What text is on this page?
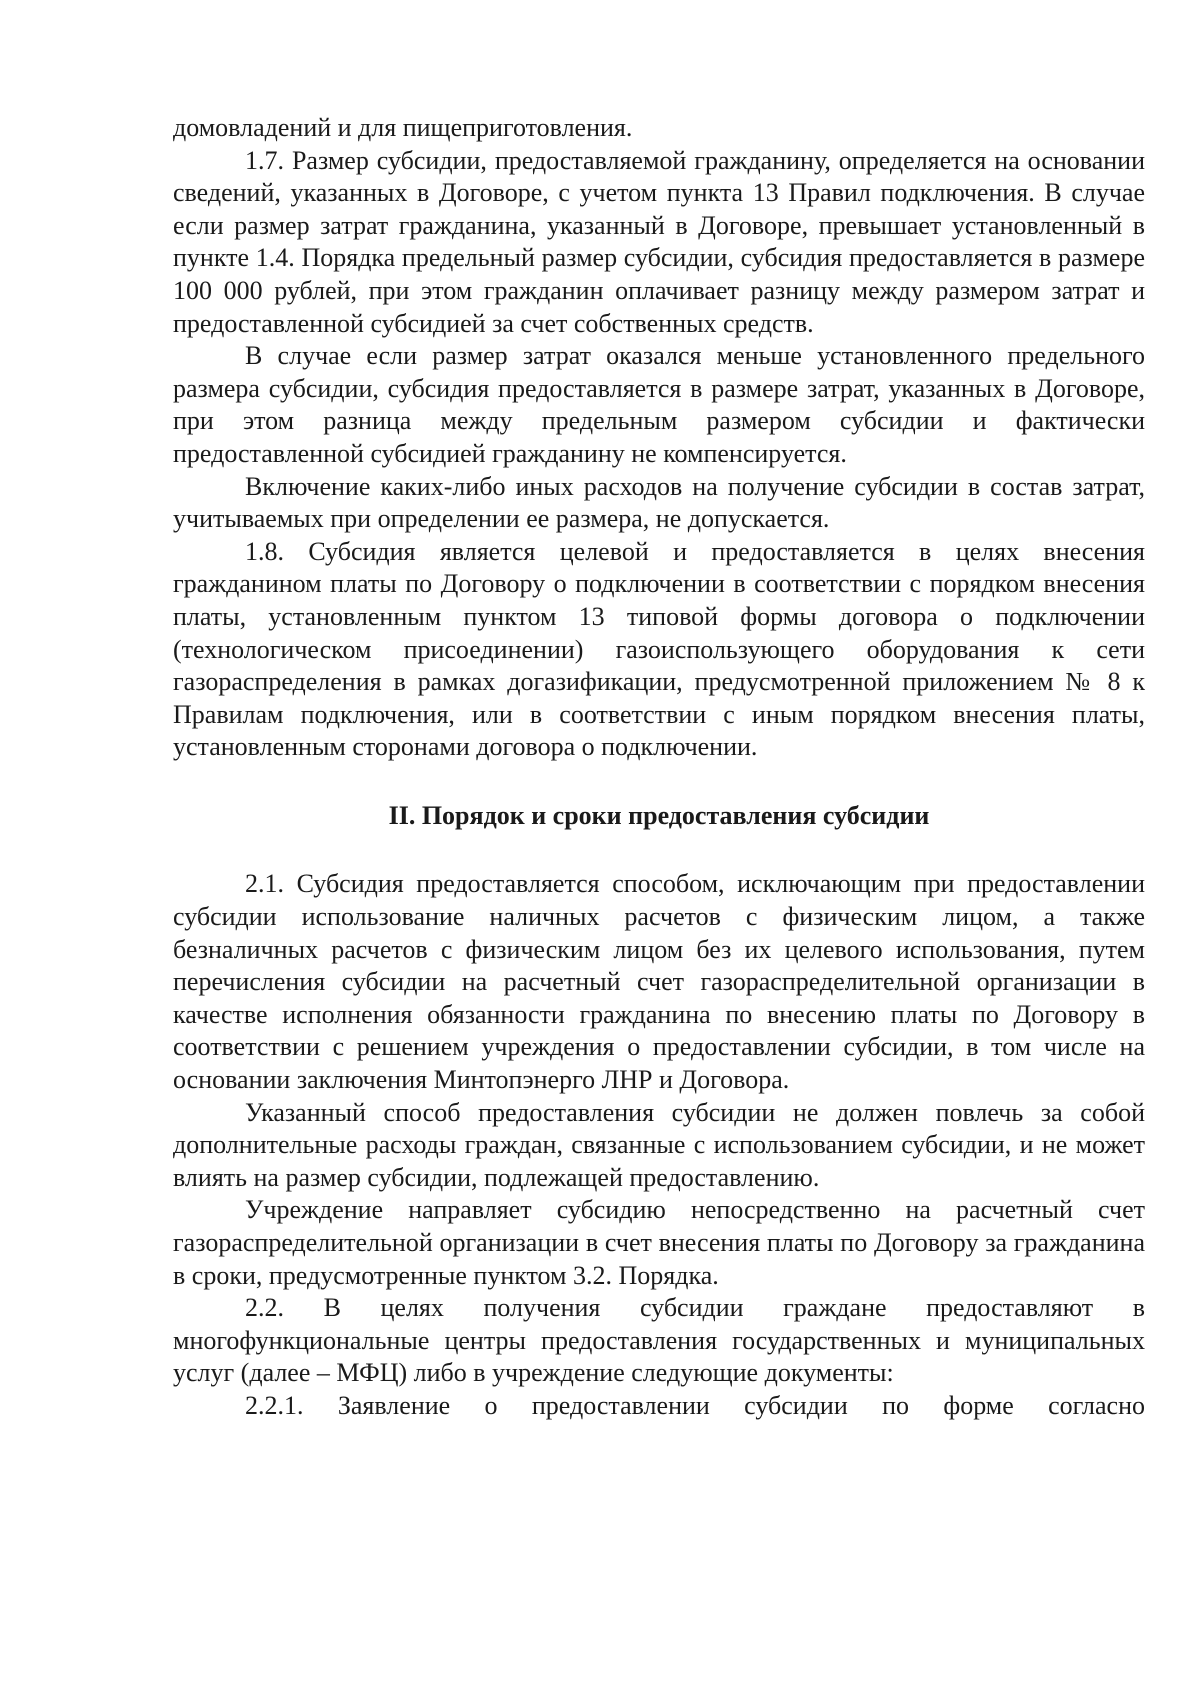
домовладений и для пищеприготовления.

1.7. Размер субсидии, предоставляемой гражданину, определяется на основании сведений, указанных в Договоре, с учетом пункта 13 Правил подключения. В случае если размер затрат гражданина, указанный в Договоре, превышает установленный в пункте 1.4. Порядка предельный размер субсидии, субсидия предоставляется в размере 100 000 рублей, при этом гражданин оплачивает разницу между размером затрат и предоставленной субсидией за счет собственных средств.

В случае если размер затрат оказался меньше установленного предельного размера субсидии, субсидия предоставляется в размере затрат, указанных в Договоре, при этом разница между предельным размером субсидии и фактически предоставленной субсидией гражданину не компенсируется.

Включение каких-либо иных расходов на получение субсидии в состав затрат, учитываемых при определении ее размера, не допускается.

1.8. Субсидия является целевой и предоставляется в целях внесения гражданином платы по Договору о подключении в соответствии с порядком внесения платы, установленным пунктом 13 типовой формы договора о подключении (технологическом присоединении) газоиспользующего оборудования к сети газораспределения в рамках догазификации, предусмотренной приложением № 8 к Правилам подключения, или в соответствии с иным порядком внесения платы, установленным сторонами договора о подключении.

II. Порядок и сроки предоставления субсидии

2.1. Субсидия предоставляется способом, исключающим при предоставлении субсидии использование наличных расчетов с физическим лицом, а также безналичных расчетов с физическим лицом без их целевого использования, путем перечисления субсидии на расчетный счет газораспределительной организации в качестве исполнения обязанности гражданина по внесению платы по Договору в соответствии с решением учреждения о предоставлении субсидии, в том числе на основании заключения Минтопэнерго ЛНР и Договора.

Указанный способ предоставления субсидии не должен повлечь за собой дополнительные расходы граждан, связанные с использованием субсидии, и не может влиять на размер субсидии, подлежащей предоставлению.

Учреждение направляет субсидию непосредственно на расчетный счет газораспределительной организации в счет внесения платы по Договору за гражданина в сроки, предусмотренные пунктом 3.2. Порядка.

2.2. В целях получения субсидии граждане предоставляют в многофункциональные центры предоставления государственных и муниципальных услуг (далее – МФЦ) либо в учреждение следующие документы:

2.2.1. Заявление о предоставлении субсидии по форме согласно
